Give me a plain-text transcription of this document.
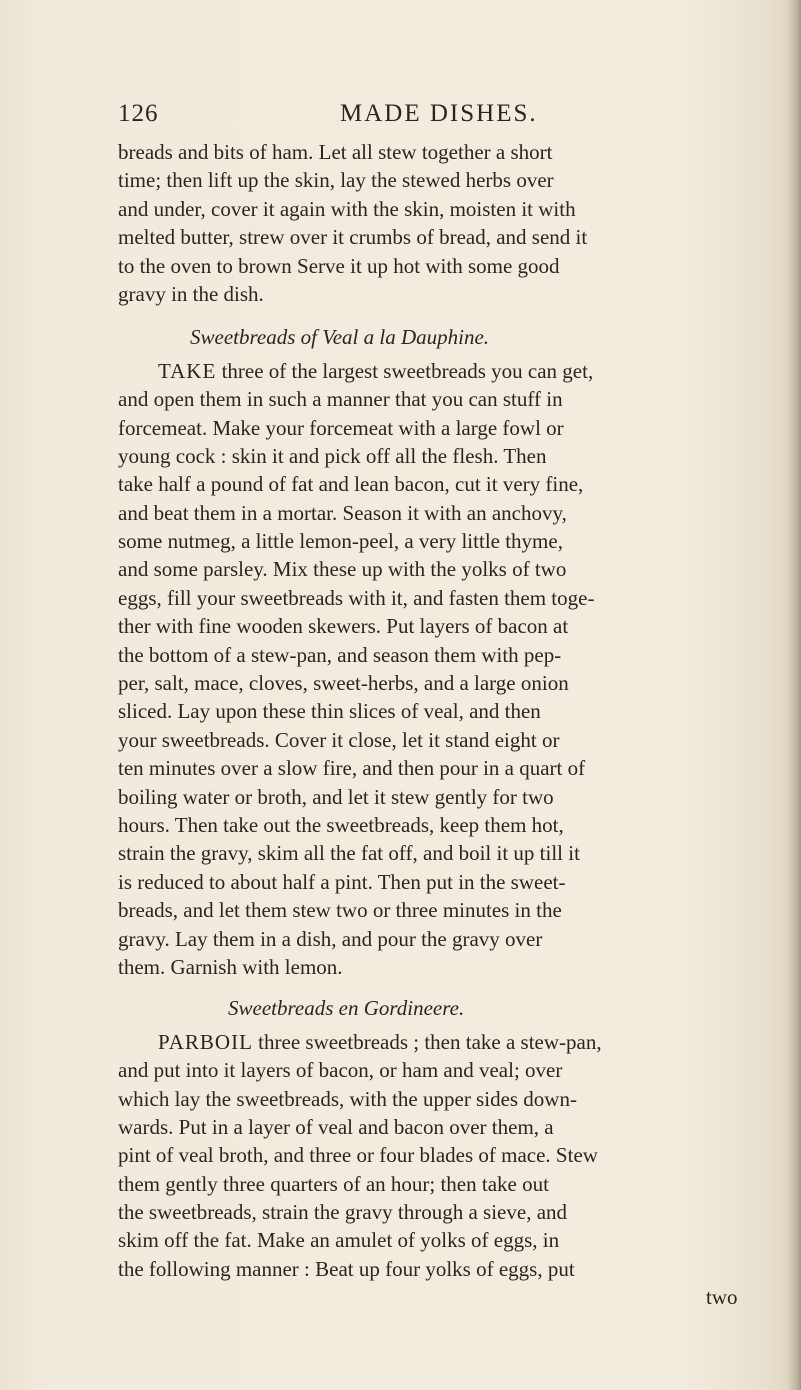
126	MADE DISHES.
breads and bits of ham. Let all stew together a short
time; then lift up the skin, lay the stewed herbs over
and under, cover it again with the skin, moisten it with
melted butter, strew over it crumbs of bread, and send it
to the oven to brown Serve it up hot with some good
gravy in the dish.
Sweetbreads of Veal a la Dauphine.
TAKE three of the largest sweetbreads you can get,
and open them in such a manner that you can stuff in
forcemeat. Make your forcemeat with a large fowl or
young cock : skin it and pick off all the flesh. Then
take half a pound of fat and lean bacon, cut it very fine,
and beat them in a mortar. Season it with an anchovy,
some nutmeg, a little lemon-peel, a very little thyme,
and some parsley. Mix these up with the yolks of two
eggs, fill your sweetbreads with it, and fasten them toge-
ther with fine wooden skewers. Put layers of bacon at
the bottom of a stew-pan, and season them with pep-
per, salt, mace, cloves, sweet-herbs, and a large onion
sliced. Lay upon these thin slices of veal, and then
your sweetbreads. Cover it close, let it stand eight or
ten minutes over a slow fire, and then pour in a quart of
boiling water or broth, and let it stew gently for two
hours. Then take out the sweetbreads, keep them hot,
strain the gravy, skim all the fat off, and boil it up till it
is reduced to about half a pint. Then put in the sweet-
breads, and let them stew two or three minutes in the
gravy. Lay them in a dish, and pour the gravy over
them. Garnish with lemon.
Sweetbreads en Gordineere.
PARBOIL three sweetbreads ; then take a stew-pan,
and put into it layers of bacon, or ham and veal; over
which lay the sweetbreads, with the upper sides down-
wards. Put in a layer of veal and bacon over them, a
pint of veal broth, and three or four blades of mace. Stew
them gently three quarters of an hour; then take out
the sweetbreads, strain the gravy through a sieve, and
skim off the fat. Make an amulet of yolks of eggs, in
the following manner : Beat up four yolks of eggs, put
two
